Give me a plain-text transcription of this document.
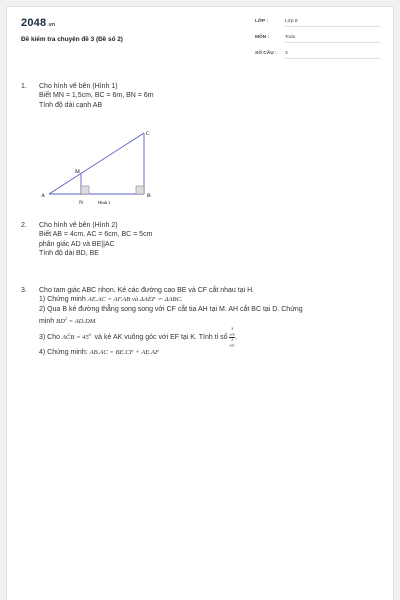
2048.vn
Đề kiểm tra chuyên đề 3 (Đề số 2)
LỚP :	Lớp 8
MÔN :	Toán
SỐ CÂU :	3
1. Cho hình vẽ bên (Hình 1)
Biết MN = 1,5cm, BC = 6m, BN = 6m
Tính độ dài cạnh AB
A	B
C
M
N	Hình 1
2. Cho hình vẽ bên (Hình 2)
Biết AB = 4cm, AC = 6cm, BC = 5cm
phân giác AD và BE||AC
Tính độ dài BD, BE
3. Cho tam giác ABC nhọn. Kẻ các đường cao BE và CF cắt nhau tại H.
1) Chứng minh AE.AC = AF.AB và ΔAEF ∽ ΔABC.
2) Qua B kẻ đường thẳng song song với CF cắt tia AH tại M. AH cắt BC tại D. Chứng
minh $BD^2 = AD.DM$.
3) Cho AĈB = $45^0$ và kẻ AK vuông góc với EF tại K. Tính tỉ số S
$_{AEK}$
S
$_{ABC}$ .
4) Chứng minh: AB.AC = BE.CF + AE.AF
